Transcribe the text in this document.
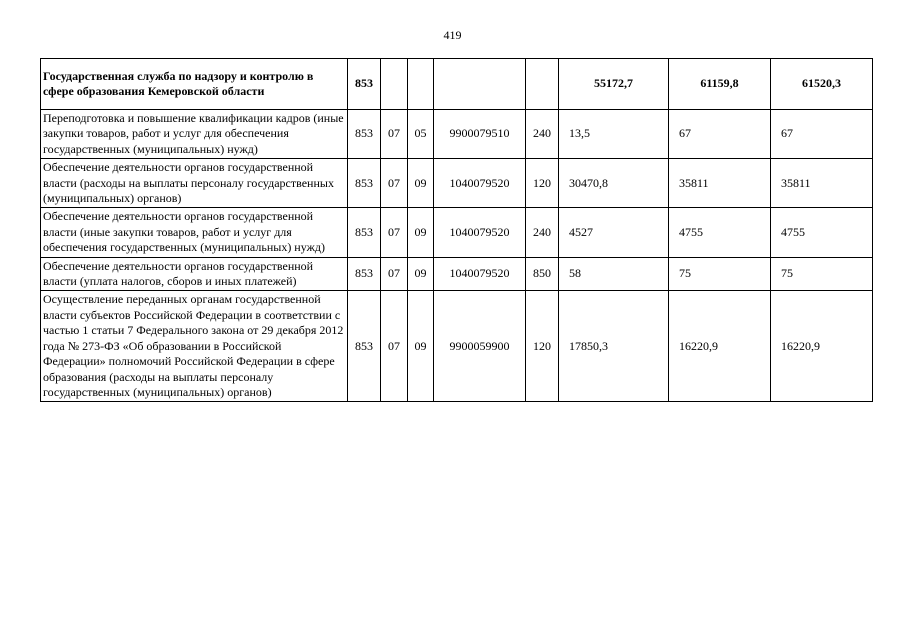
419
Государственная служба по надзору и контролю в сфере образования Кемеровской области	853					55172,7	61159,8	61520,3
Переподготовка и повышение квалификации кадров (иные закупки товаров, работ и услуг для обеспечения государственных (муниципальных) нужд)	853	07	05	9900079510	240	13,5	67	67
Обеспечение деятельности органов государственной власти (расходы на выплаты персоналу государственных (муниципальных) органов)	853	07	09	1040079520	120	30470,8	35811	35811
Обеспечение деятельности органов государственной власти (иные закупки товаров, работ и услуг для обеспечения государственных (муниципальных) нужд)	853	07	09	1040079520	240	4527	4755	4755
Обеспечение деятельности органов государственной власти (уплата налогов, сборов и иных платежей)	853	07	09	1040079520	850	58	75	75
Осуществление переданных органам государственной власти субъектов Российской Федерации в соответствии с частью 1 статьи 7 Федерального закона от 29 декабря 2012 года № 273-ФЗ «Об образовании в Российской Федерации» полномочий Российской Федерации в сфере образования (расходы на выплаты персоналу государственных (муниципальных) органов)	853	07	09	9900059900	120	17850,3	16220,9	16220,9
